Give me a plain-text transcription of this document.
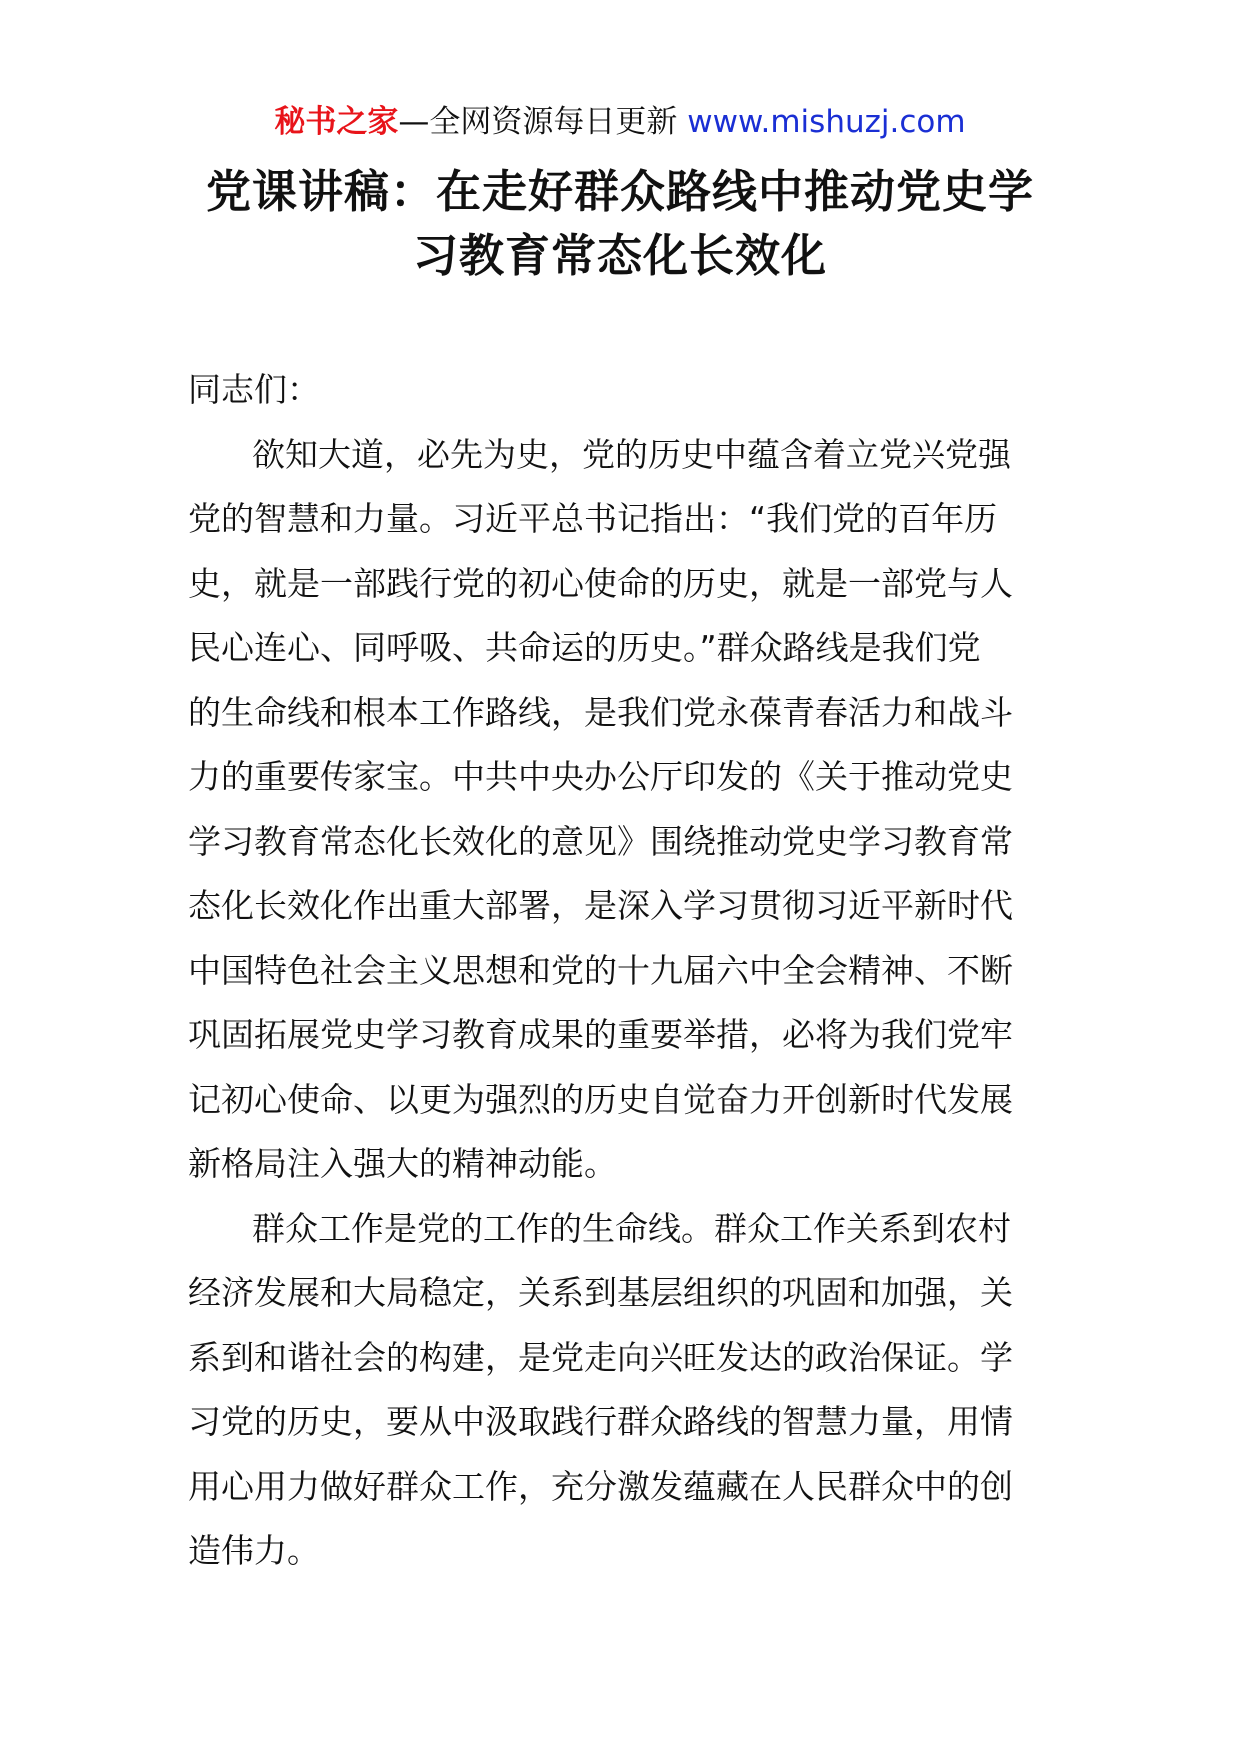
秘书之家—全网资源每日更新 www.mishuzj.com
党课讲稿：在走好群众路线中推动党史学
习教育常态化长效化
同志们：
欲知大道，必先为史，党的历史中蕴含着立党兴党强
党的智慧和力量。习近平总书记指出：“我们党的百年历
史，就是一部践行党的初心使命的历史，就是一部党与人
民心连心、同呼吸、共命运的历史。”群众路线是我们党
的生命线和根本工作路线，是我们党永葆青春活力和战斗
力的重要传家宝。中共中央办公厅印发的《关于推动党史
学习教育常态化长效化的意见》围绕推动党史学习教育常
态化长效化作出重大部署，是深入学习贯彻习近平新时代
中国特色社会主义思想和党的十九届六中全会精神、不断
巩固拓展党史学习教育成果的重要举措，必将为我们党牢
记初心使命、以更为强烈的历史自觉奋力开创新时代发展
新格局注入强大的精神动能。
群众工作是党的工作的生命线。群众工作关系到农村
经济发展和大局稳定，关系到基层组织的巩固和加强，关
系到和谐社会的构建，是党走向兴旺发达的政治保证。学
习党的历史，要从中汲取践行群众路线的智慧力量，用情
用心用力做好群众工作，充分激发蕴藏在人民群众中的创
造伟力。
